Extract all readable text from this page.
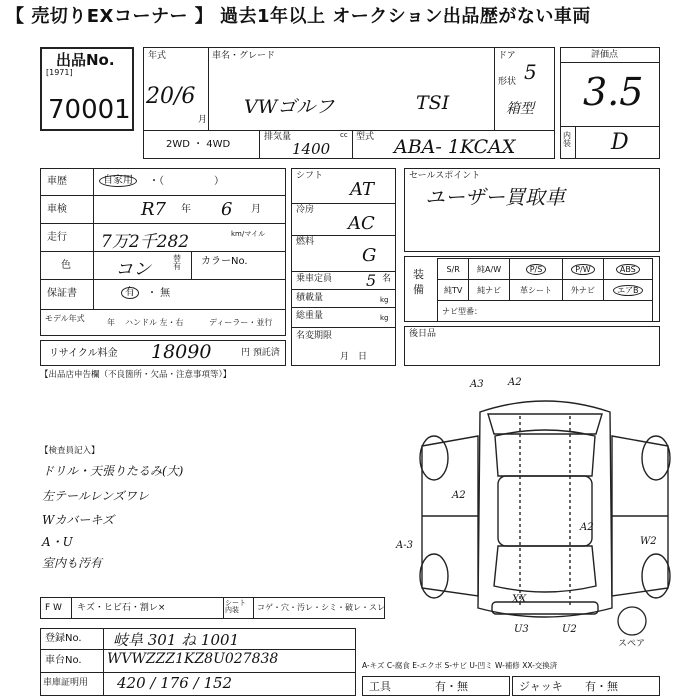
【 売切りEXコーナー 】 過去1年以上 オークション出品歴がない車両
出品No.
[1971]
70001
年式
20/6
月
車名・グレード
VWゴルフ	TSI
ドア
5
形状
箱型
2WD ・ 4WD
排気量	cc
1400
型式 ABA- 1KCAX
評価点
3.5
内装 D
車歴	自家用	・（　　　　　）
車検	R7 年 6 月
走行 7万2千282	km/マイル
色 コン
替有 カラーNo.
保証書	有	・ 無
モデル年式	年 ハンドル 左・右	ディーラー・並行
リサイクル料金 18090	円 預託済
シフト
AT
冷房
AC
燃料
G
乗車定員 5 名
積載量	kg
総重量	kg
名変期限
月　日
セールスポイント
ユーザー買取車
装備
S/R	純A/W	P/S	P/W	ABS
純TV	純ナビ	革シート	外ナビ	エアB
ナビ型番：				
後日品
【出品店申告欄（不良箇所・欠品・注意事項等）】
【検査員記入】
ドリル・天張りたるみ(大)
左テールレンズワレ
Wカバーキズ
A・U
室内も汚有
A3 A2
A2
A2
A-3
XX
U3	U2
W2
スペア
F W キズ・ヒビ石・割レ×	シート内装	コゲ・穴・汚レ・シミ・破レ・スレ
登録No. 岐阜 301 ね 1001
車台No. WVWZZZ1KZ8U027838
車庫証明用 420 / 176 / 152	工具	有・無	ジャッキ 有・無
A-キズ C-腐食 E-エクボ S-サビ U-凹ミ W-補修 XX-交換済
